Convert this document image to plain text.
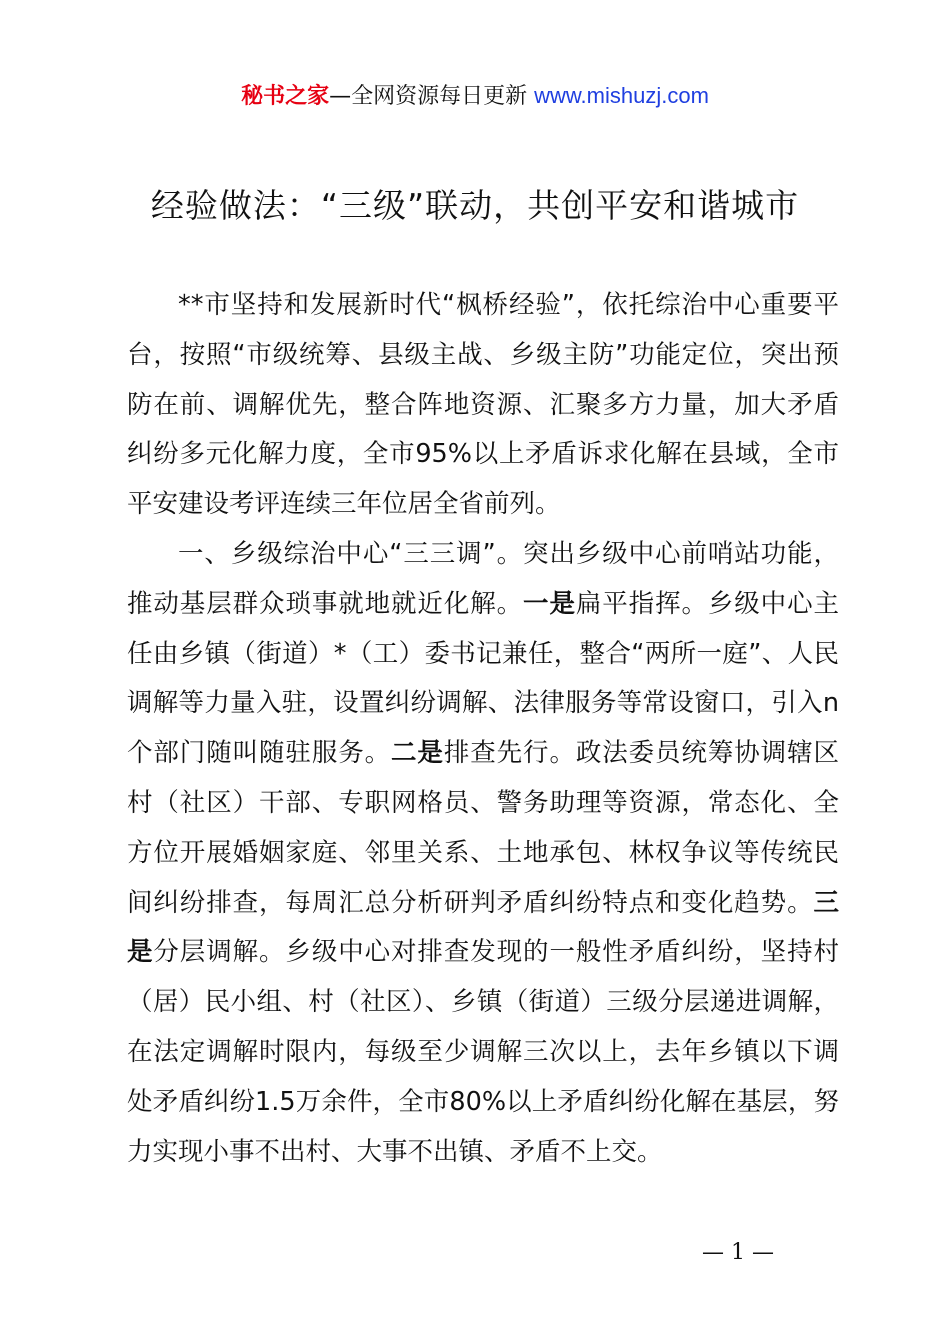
秘书之家—全网资源每日更新 www.mishuzj.com
经验做法：“三级”联动，共创平安和谐城市

**市坚持和发展新时代“枫桥经验”，依托综治中心重要平台，按照“市级统筹、县级主战、乡级主防”功能定位，突出预防在前、调解优先，整合阵地资源、汇聚多方力量，加大矛盾纠纷多元化解力度，全市95%以上矛盾诉求化解在县域，全市平安建设考评连续三年位居全省前列。

一、乡级综治中心“三三调”。突出乡级中心前哨站功能，推动基层群众琐事就地就近化解。一是扁平指挥。乡级中心主任由乡镇（街道）*（工）委书记兼任，整合“两所一庭”、人民调解等力量入驻，设置纠纷调解、法律服务等常设窗口，引入n个部门随叫随驻服务。二是排查先行。政法委员统筹协调辖区村（社区）干部、专职网格员、警务助理等资源，常态化、全方位开展婚姻家庭、邻里关系、土地承包、林权争议等传统民间纠纷排查，每周汇总分析研判矛盾纠纷特点和变化趋势。三是分层调解。乡级中心对排查发现的一般性矛盾纠纷，坚持村（居）民小组、村（社区）、乡镇（街道）三级分层递进调解，在法定调解时限内，每级至少调解三次以上，去年乡镇以下调处矛盾纠纷1.5万余件，全市80%以上矛盾纠纷化解在基层，努力实现小事不出村、大事不出镇、矛盾不上交。

— 1 —
